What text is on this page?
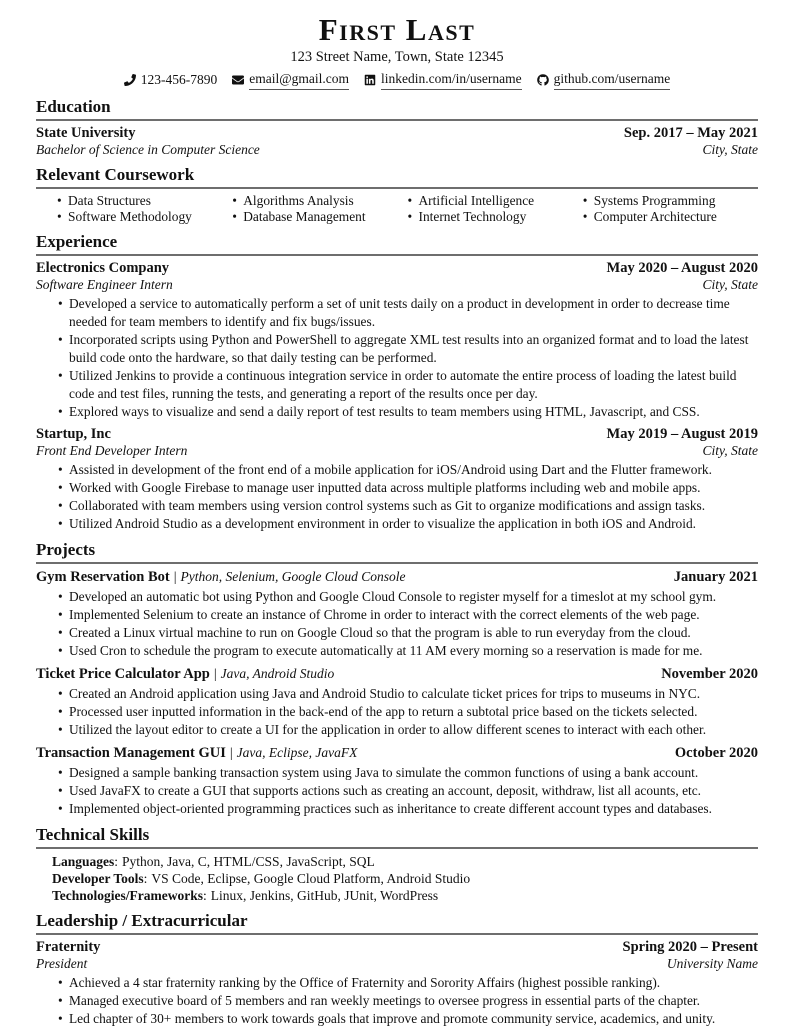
First Last
123 Street Name, Town, State 12345
123-456-7890 email@gmail.com linkedin.com/in/username github.com/username
Education
State University	Sep. 2017 – May 2021
Bachelor of Science in Computer Science	City, State
Relevant Coursework
• Data Structures
• Software Methodology
• Algorithms Analysis
• Database Management
• Artificial Intelligence
• Internet Technology
• Systems Programming
• Computer Architecture
Experience
Electronics Company	May 2020 – August 2020
Software Engineer Intern	City, State
• Developed a service to automatically perform a set of unit tests daily on a product in development in order to decrease time needed for team members to identify and fix bugs/issues.
• Incorporated scripts using Python and PowerShell to aggregate XML test results into an organized format and to load the latest build code onto the hardware, so that daily testing can be performed.
• Utilized Jenkins to provide a continuous integration service in order to automate the entire process of loading the latest build code and test files, running the tests, and generating a report of the results once per day.
• Explored ways to visualize and send a daily report of test results to team members using HTML, Javascript, and CSS.
Startup, Inc	May 2019 – August 2019
Front End Developer Intern	City, State
• Assisted in development of the front end of a mobile application for iOS/Android using Dart and the Flutter framework.
• Worked with Google Firebase to manage user inputted data across multiple platforms including web and mobile apps.
• Collaborated with team members using version control systems such as Git to organize modifications and assign tasks.
• Utilized Android Studio as a development environment in order to visualize the application in both iOS and Android.
Projects
Gym Reservation Bot | Python, Selenium, Google Cloud Console	January 2021
• Developed an automatic bot using Python and Google Cloud Console to register myself for a timeslot at my school gym.
• Implemented Selenium to create an instance of Chrome in order to interact with the correct elements of the web page.
• Created a Linux virtual machine to run on Google Cloud so that the program is able to run everyday from the cloud.
• Used Cron to schedule the program to execute automatically at 11 AM every morning so a reservation is made for me.
Ticket Price Calculator App | Java, Android Studio	November 2020
• Created an Android application using Java and Android Studio to calculate ticket prices for trips to museums in NYC.
• Processed user inputted information in the back-end of the app to return a subtotal price based on the tickets selected.
• Utilized the layout editor to create a UI for the application in order to allow different scenes to interact with each other.
Transaction Management GUI | Java, Eclipse, JavaFX	October 2020
• Designed a sample banking transaction system using Java to simulate the common functions of using a bank account.
• Used JavaFX to create a GUI that supports actions such as creating an account, deposit, withdraw, list all acounts, etc.
• Implemented object-oriented programming practices such as inheritance to create different account types and databases.
Technical Skills
Languages: Python, Java, C, HTML/CSS, JavaScript, SQL
Developer Tools: VS Code, Eclipse, Google Cloud Platform, Android Studio
Technologies/Frameworks: Linux, Jenkins, GitHub, JUnit, WordPress
Leadership / Extracurricular
Fraternity	Spring 2020 – Present
President	University Name
• Achieved a 4 star fraternity ranking by the Office of Fraternity and Sorority Affairs (highest possible ranking).
• Managed executive board of 5 members and ran weekly meetings to oversee progress in essential parts of the chapter.
• Led chapter of 30+ members to work towards goals that improve and promote community service, academics, and unity.
